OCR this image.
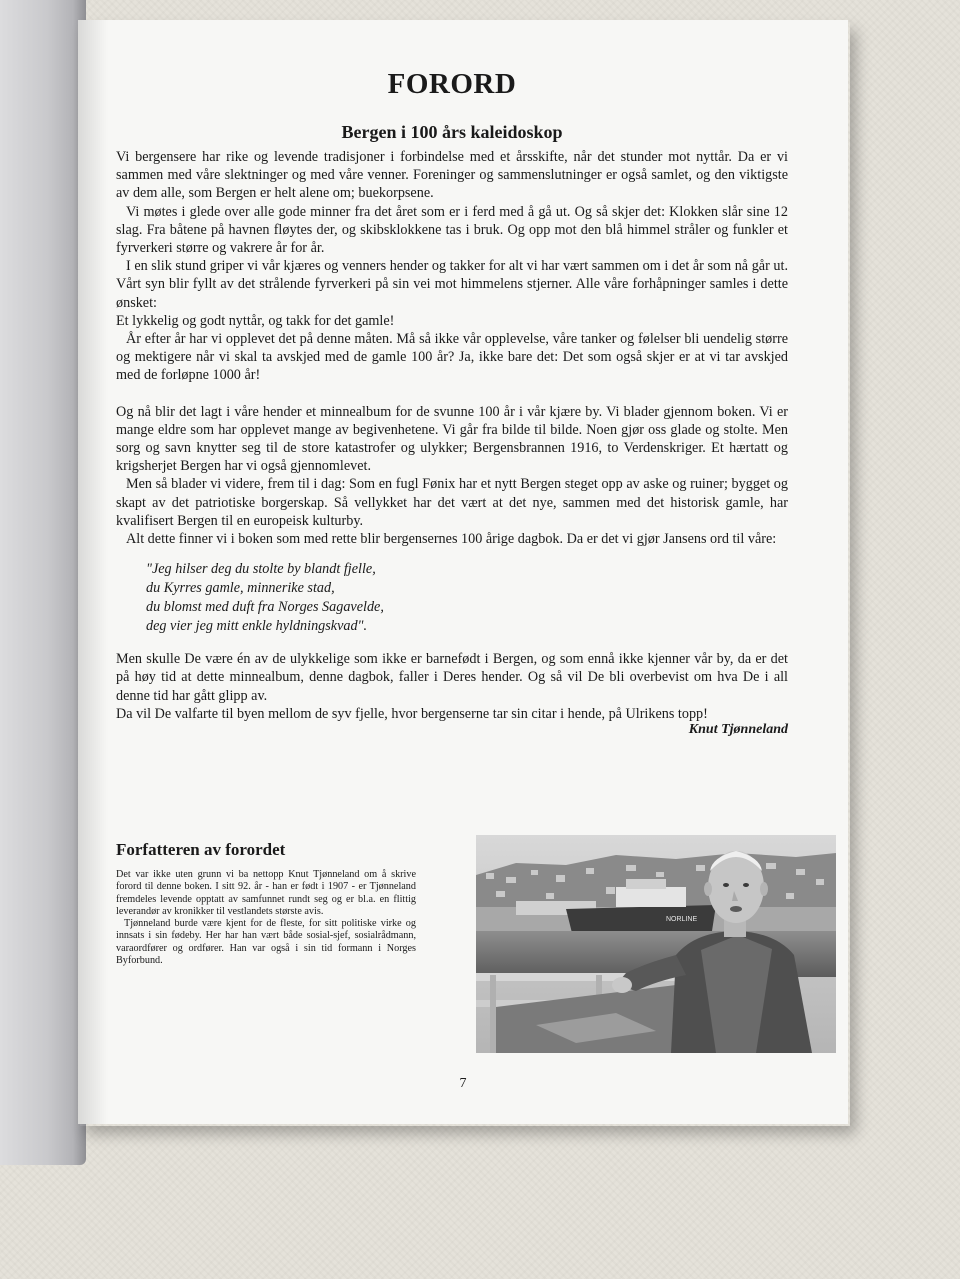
FORORD
Bergen i 100 års kaleidoskop

Vi bergensere har rike og levende tradisjoner i forbindelse med et årsskifte, når det stunder mot nyttår. Da er vi sammen med våre slektninger og med våre venner. Foreninger og sammenslutninger er også samlet, og den viktigste av dem alle, som Bergen er helt alene om; buekorpsene.

Vi møtes i glede over alle gode minner fra det året som er i ferd med å gå ut. Og så skjer det: Klokken slår sine 12 slag. Fra båtene på havnen fløytes der, og skibsklokkene tas i bruk. Og opp mot den blå himmel stråler og funkler et fyrverkeri større og vakrere år for år.

I en slik stund griper vi vår kjæres og venners hender og takker for alt vi har vært sammen om i det år som nå går ut. Vårt syn blir fyllt av det strålende fyrverkeri på sin vei mot himmelens stjerner. Alle våre forhåpninger samles i dette ønsket:

Et lykkelig og godt nyttår, og takk for det gamle!

År efter år har vi opplevet det på denne måten. Må så ikke vår opplevelse, våre tanker og følelser bli uendelig større og mektigere når vi skal ta avskjed med de gamle 100 år? Ja, ikke bare det: Det som også skjer er at vi tar avskjed med de forløpne 1000 år!

Og nå blir det lagt i våre hender et minnealbum for de svunne 100 år i vår kjære by. Vi blader gjennom boken. Vi er mange eldre som har opplevet mange av begivenhetene. Vi går fra bilde til bilde. Noen gjør oss glade og stolte. Men sorg og savn knytter seg til de store katastrofer og ulykker; Bergensbrannen 1916, to Verdenskriger. Et hærtatt og krigsherjet Bergen har vi også gjennomlevet.

Men så blader vi videre, frem til i dag: Som en fugl Fønix har et nytt Bergen steget opp av aske og ruiner; bygget og skapt av det patriotiske borgerskap. Så vellykket har det vært at det nye, sammen med det historisk gamle, har kvalifisert Bergen til en europeisk kulturby.

Alt dette finner vi i boken som med rette blir bergensernes 100 årige dagbok. Da er det vi gjør Jansens ord til våre:

"Jeg hilser deg du stolte by blandt fjelle,
du Kyrres gamle, minnerike stad,
du blomst med duft fra Norges Sagavelde,
deg vier jeg mitt enkle hyldningskvad".

Men skulle De være én av de ulykkelige som ikke er barnefødt i Bergen, og som ennå ikke kjenner vår by, da er det på høy tid at dette minnealbum, denne dagbok, faller i Deres hender. Og så vil De bli overbevist om hva De i all denne tid har gått glipp av.

Da vil De valfarte til byen mellom de syv fjelle, hvor bergenserne tar sin citar i hende, på Ulrikens topp!

Knut Tjønneland
Forfatteren av forordet

Det var ikke uten grunn vi ba nettopp Knut Tjønneland om å skrive forord til denne boken. I sitt 92. år - han er født i 1907 - er Tjønneland fremdeles levende opptatt av samfunnet rundt seg og er bl.a. en flittig leverandør av kronikker til vestlandets største avis.

Tjønneland burde være kjent for de fleste, for sitt politiske virke og innsats i sin fødeby. Her har han vært både sosial-sjef, sosialrådmann, varaordfører og ordfører. Han var også i sin tid formann i Norges Byforbund.

NORLINE
7
